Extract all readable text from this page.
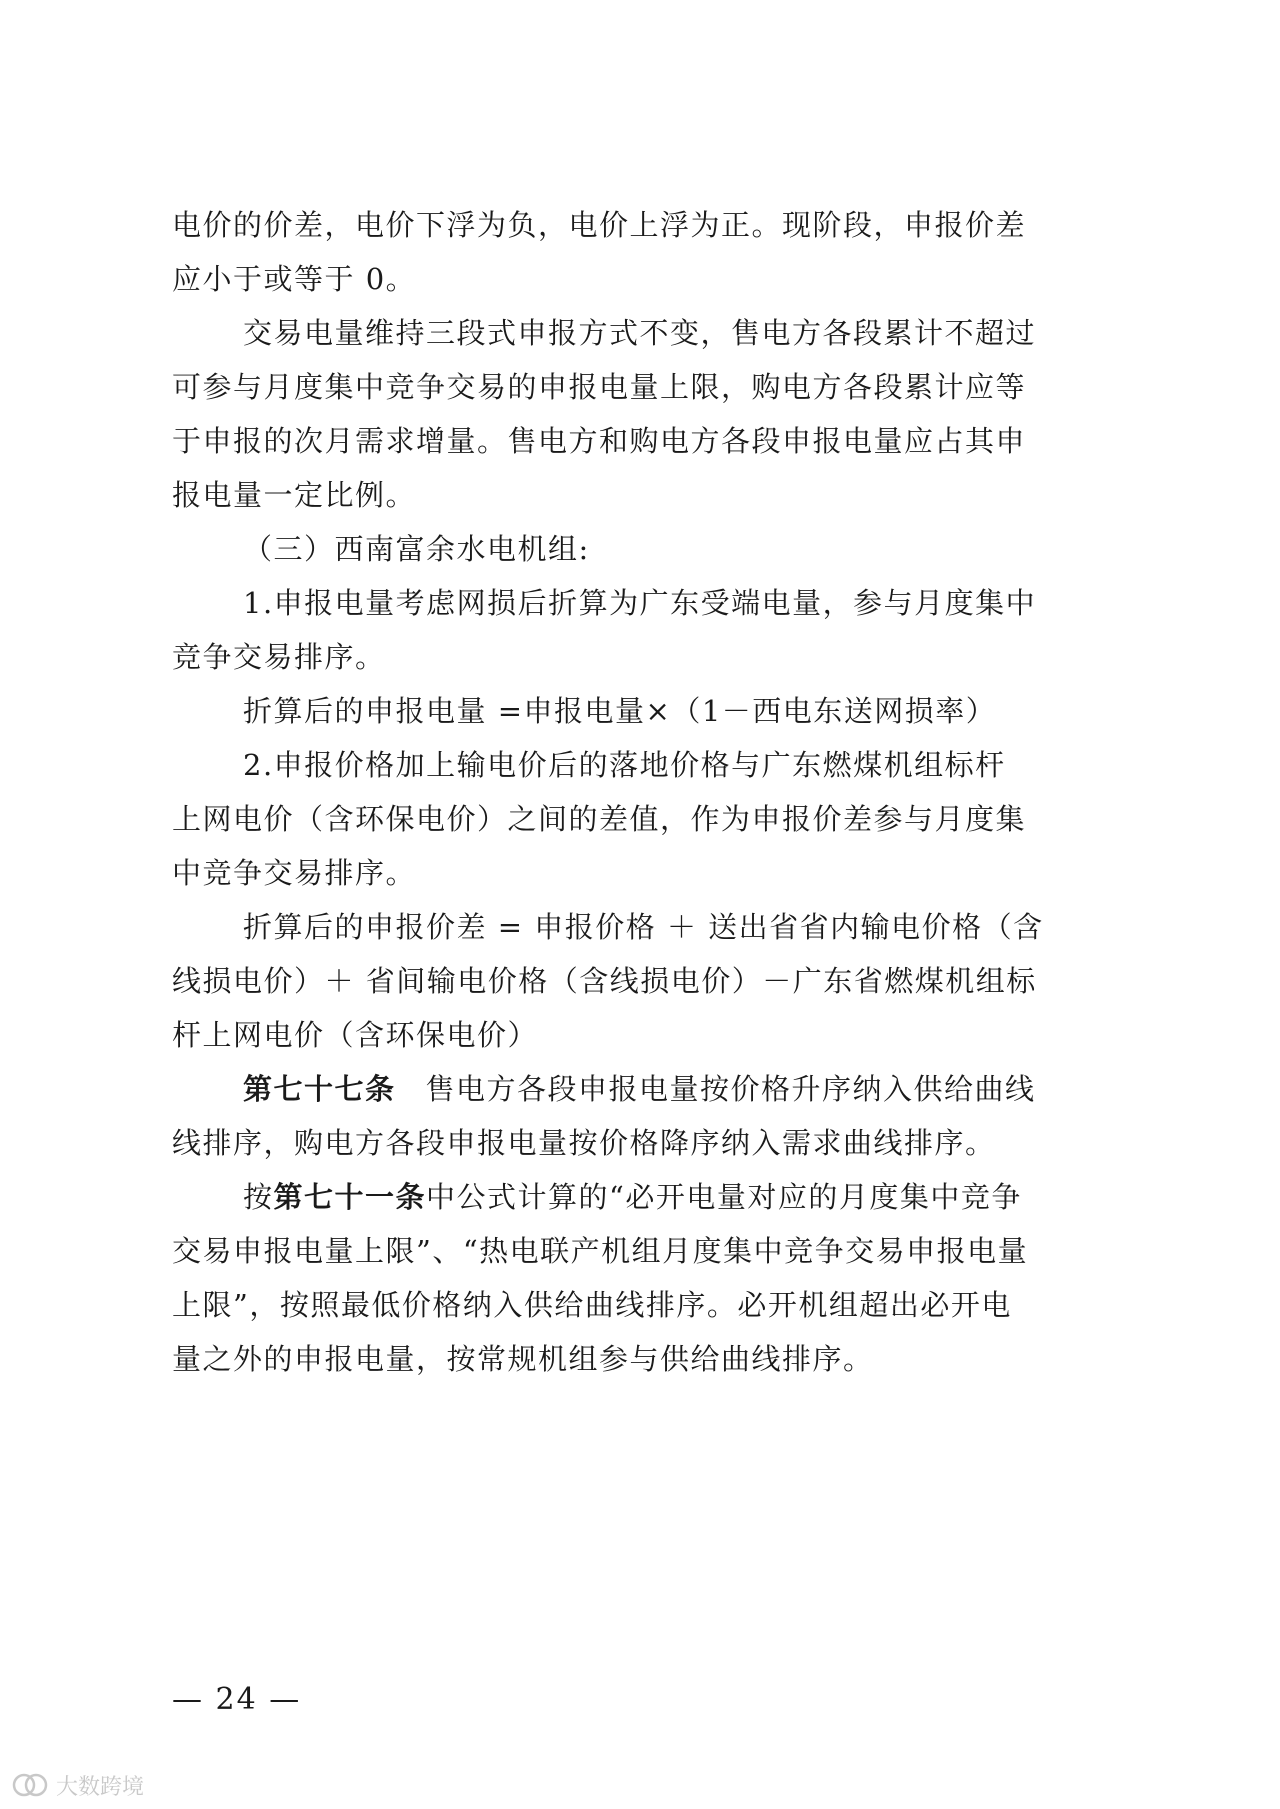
电价的价差，电价下浮为负，电价上浮为正。现阶段，申报价差
应小于或等于 0。
交易电量维持三段式申报方式不变，售电方各段累计不超过
可参与月度集中竞争交易的申报电量上限，购电方各段累计应等
于申报的次月需求增量。售电方和购电方各段申报电量应占其申
报电量一定比例。
（三）西南富余水电机组:
1.申报电量考虑网损后折算为广东受端电量，参与月度集中
竞争交易排序。
折算后的申报电量 =申报电量×（1－西电东送网损率）
2.申报价格加上输电价后的落地价格与广东燃煤机组标杆
上网电价（含环保电价）之间的差值，作为申报价差参与月度集
中竞争交易排序。
折算后的申报价差 = 申报价格 ＋ 送出省省内输电价格（含
线损电价）＋ 省间输电价格（含线损电价）－广东省燃煤机组标
杆上网电价（含环保电价）
第七十七条 售电方各段申报电量按价格升序纳入供给曲线
线排序，购电方各段申报电量按价格降序纳入需求曲线排序。
按第七十一条中公式计算的“必开电量对应的月度集中竞争
交易申报电量上限”、“热电联产机组月度集中竞争交易申报电量
上限”，按照最低价格纳入供给曲线排序。必开机组超出必开电
量之外的申报电量，按常规机组参与供给曲线排序。
— 24 —
大数跨境
